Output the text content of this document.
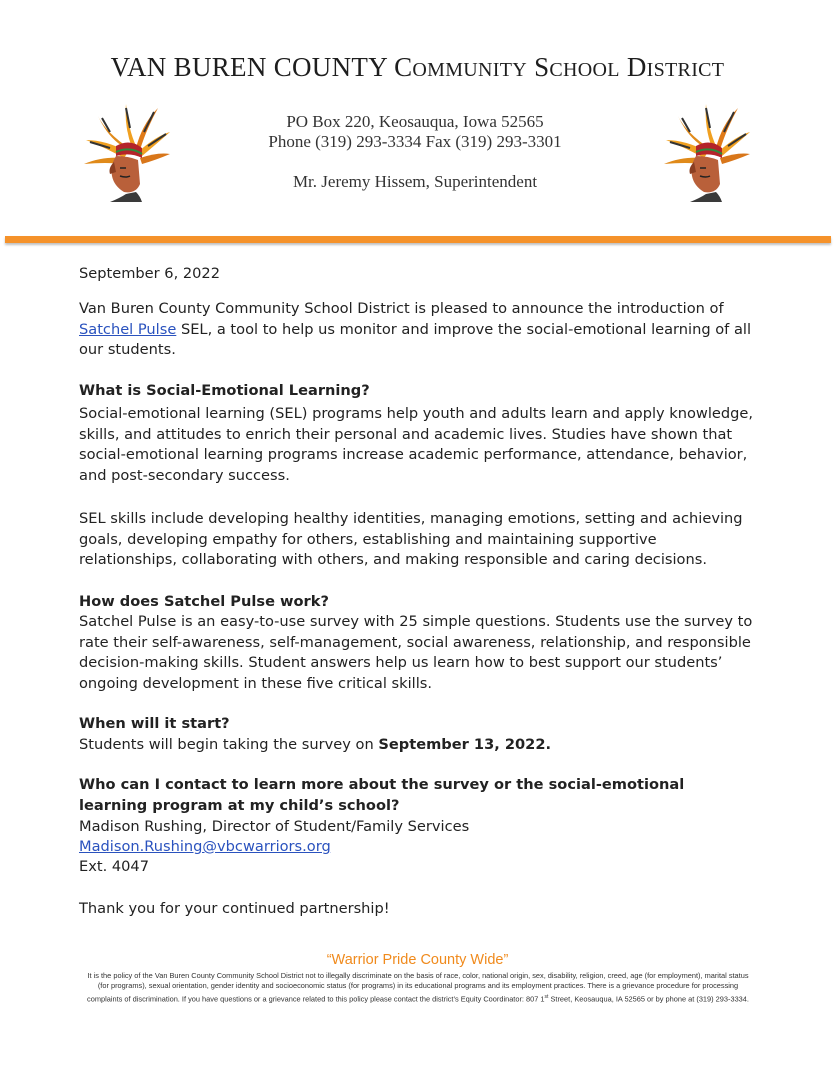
VAN BUREN COUNTY COMMUNITY SCHOOL DISTRICT
PO Box 220, Keosauqua, Iowa 52565
Phone (319) 293-3334 Fax (319) 293-3301
Mr. Jeremy Hissem, Superintendent
September 6, 2022

Van Buren County Community School District is pleased to announce the introduction of Satchel Pulse SEL, a tool to help us monitor and improve the social-emotional learning of all our students.

What is Social-Emotional Learning?
Social-emotional learning (SEL) programs help youth and adults learn and apply knowledge, skills, and attitudes to enrich their personal and academic lives. Studies have shown that social-emotional learning programs increase academic performance, attendance, behavior, and post-secondary success.
SEL skills include developing healthy identities, managing emotions, setting and achieving goals, developing empathy for others, establishing and maintaining supportive relationships, collaborating with others, and making responsible and caring decisions.
How does Satchel Pulse work?
Satchel Pulse is an easy-to-use survey with 25 simple questions. Students use the survey to rate their self-awareness, self-management, social awareness, relationship, and responsible decision-making skills. Student answers help us learn how to best support our students’ ongoing development in these five critical skills.
When will it start?
Students will begin taking the survey on September 13, 2022.
Who can I contact to learn more about the survey or the social-emotional learning program at my child’s school?
Madison Rushing, Director of Student/Family Services
Madison.Rushing@vbcwarriors.org
Ext. 4047
Thank you for your continued partnership!
“Warrior Pride County Wide”
It is the policy of the Van Buren County Community School District not to illegally discriminate on the basis of race, color, national origin, sex, disability, religion, creed, age (for employment), marital status (for programs), sexual orientation, gender identity and socioeconomic status (for programs) in its educational programs and its employment practices. There is a grievance procedure for processing complaints of discrimination. If you have questions or a grievance related to this policy please contact the district’s Equity Coordinator: 807 1st Street, Keosauqua, IA 52565 or by phone at (319) 293-3334.
